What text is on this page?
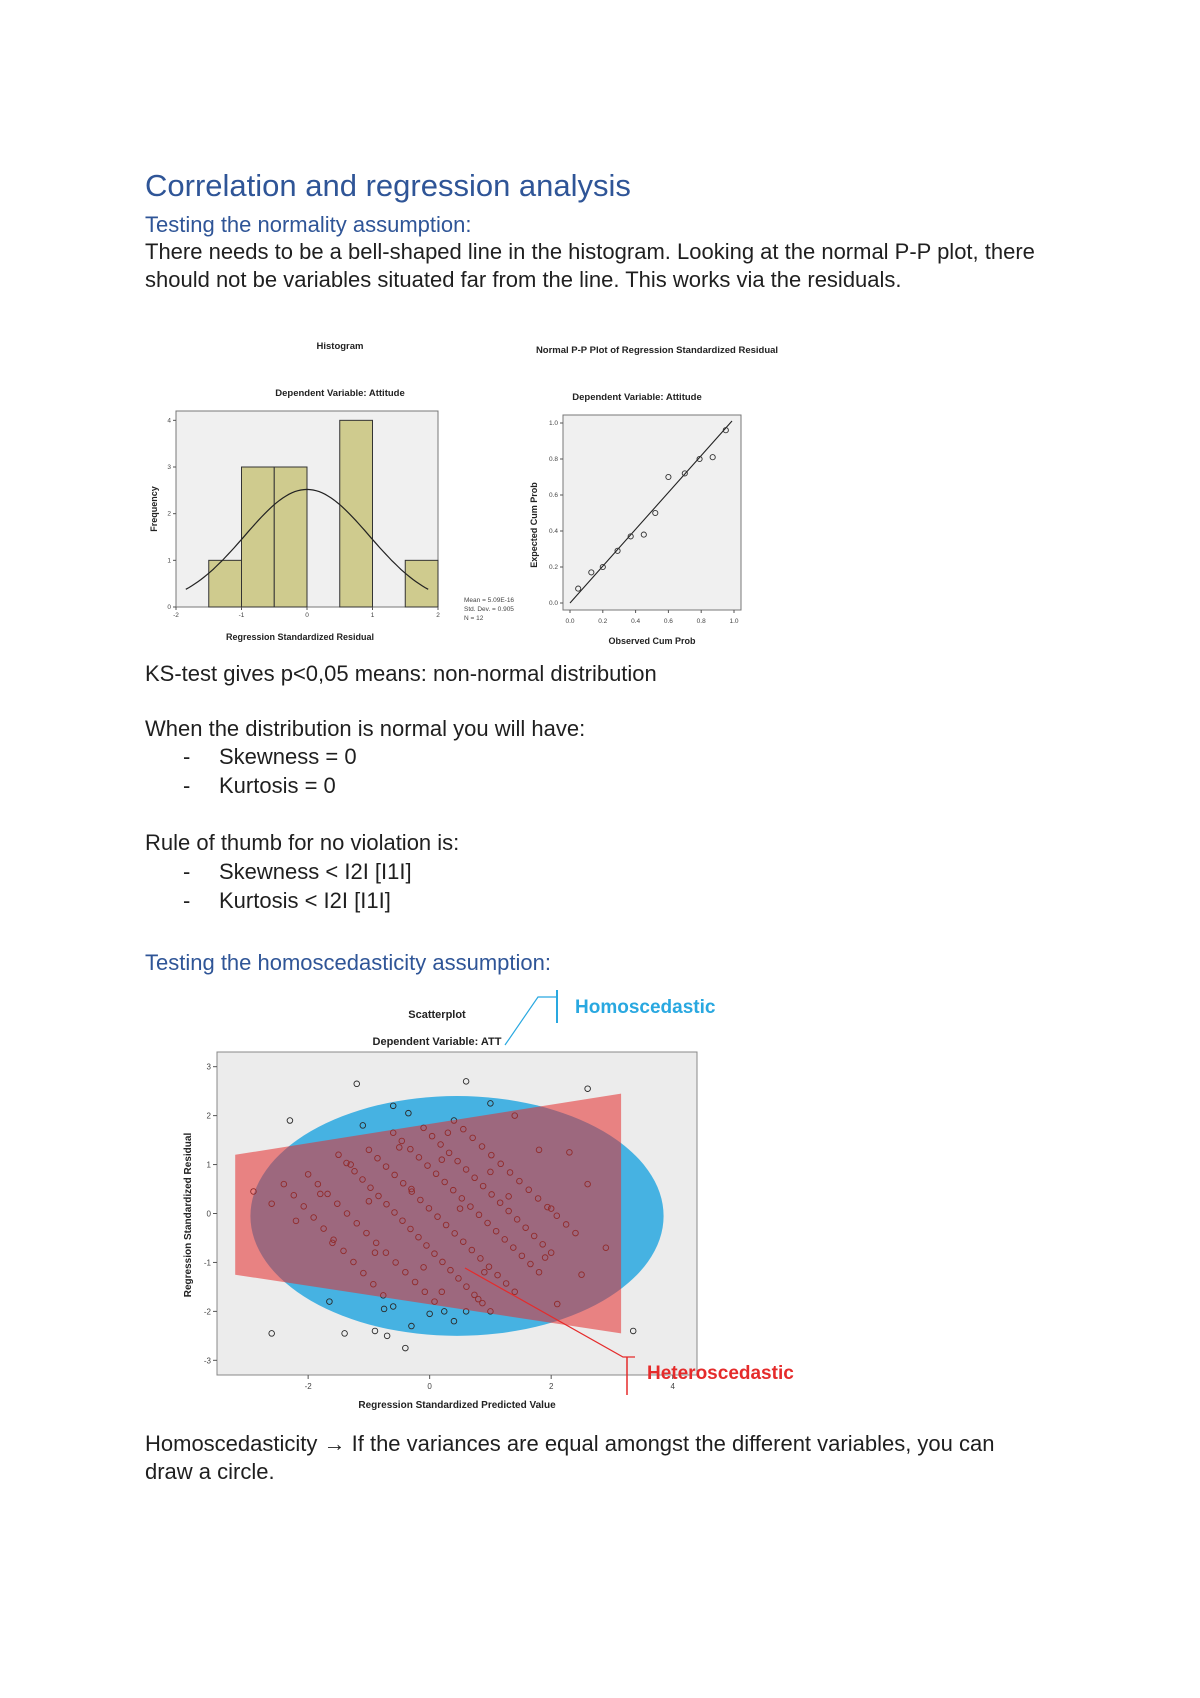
Correlation and regression analysis
Testing the normality assumption:

There needs to be a bell-shaped line in the histogram. Looking at the normal P-P plot, there should not be variables situated far from the line. This works via the residuals.

Histogram
Dependent Variable: Attitude
-2	-1	0	1	2
0
1
2
3
4
Regression Standardized Residual
Frequency
Mean = 5.09E-16
Std. Dev. = 0.905
N = 12
Normal P-P Plot of Regression Standardized Residual
Dependent Variable: Attitude
0.0	0.2	0.4	0.6	0.8	1.0
0.0
0.2
0.4
0.6
0.8
1.0
Observed Cum Prob
Expected Cum Prob

KS-test gives p<0,05 means: non-normal distribution

When the distribution is normal you will have:

- Skewness = 0
- Kurtosis = 0

Rule of thumb for no violation is:

- Skewness < I2I [I1I]
- Kurtosis < I2I [I1I]
Testing the homoscedasticity assumption:
Scatterplot
Dependent Variable: ATT
-2	0	2	4
-3
-2
-1
0
1
2
3
Homoscedastic
Heteroscedastic
Regression Standardized Predicted Value
Regression Standardized Residual

Homoscedasticity → If the variances are equal amongst the different variables, you can draw a circle.
